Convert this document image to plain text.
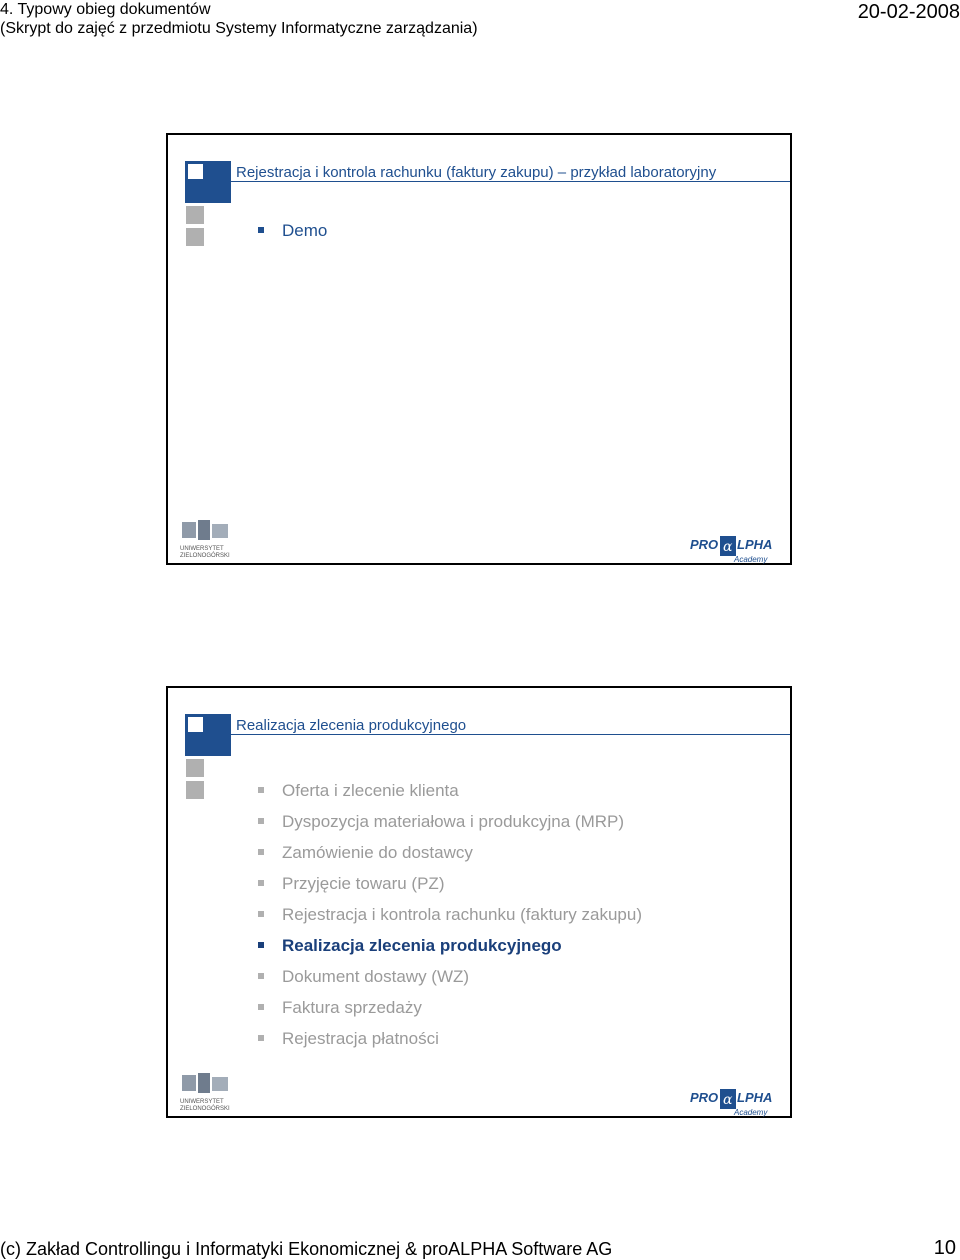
4. Typowy obieg dokumentów
(Skrypt do zajęć z przedmiotu Systemy Informatyczne zarządzania)
20-02-2008
Rejestracja i kontrola rachunku (faktury zakupu) – przykład laboratoryjny
Demo
UNIWERSYTET
ZIELONOGÓRSKI
PRO α LPHA
Academy
Realizacja zlecenia produkcyjnego
Oferta i zlecenie klienta
Dyspozycja materiałowa i produkcyjna (MRP)
Zamówienie do dostawcy
Przyjęcie towaru (PZ)
Rejestracja i kontrola rachunku (faktury zakupu)
Realizacja zlecenia produkcyjnego
Dokument dostawy (WZ)
Faktura sprzedaży
Rejestracja płatności
UNIWERSYTET
ZIELONOGÓRSKI
PRO α LPHA
Academy
(c) Zakład Controllingu i Informatyki Ekonomicznej & proALPHA Software AG	10
